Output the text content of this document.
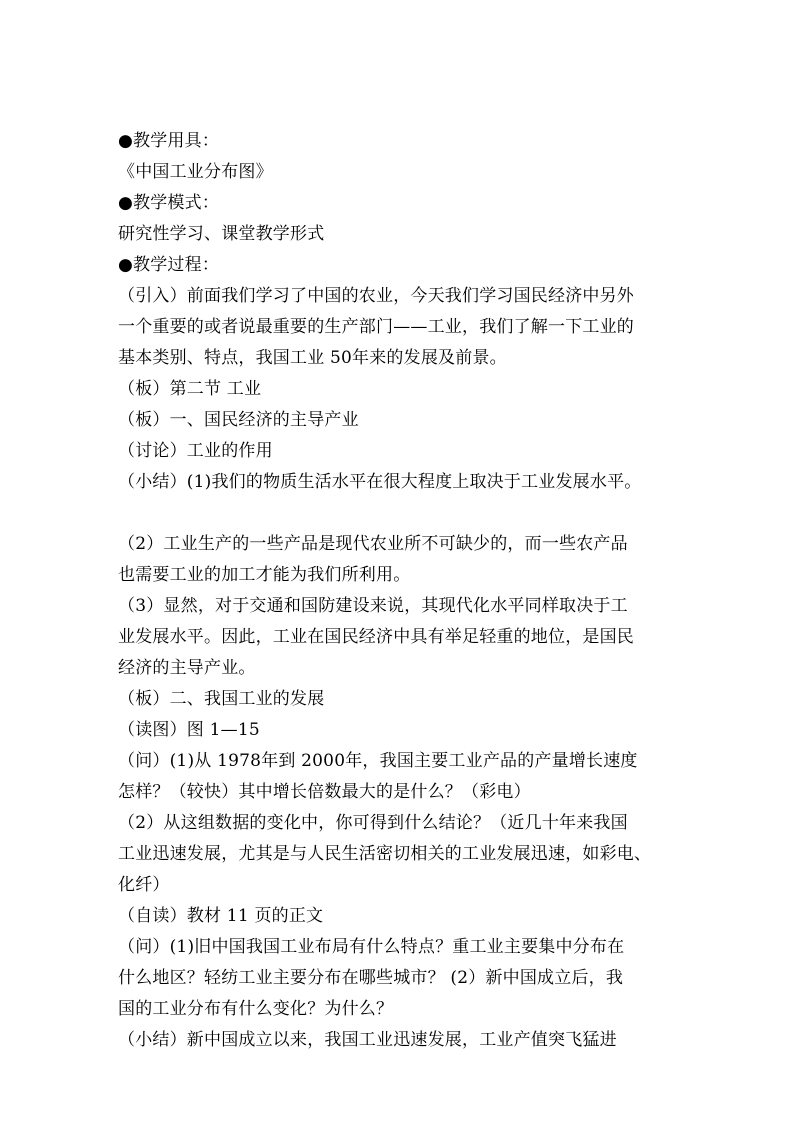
●教学用具：
《中国工业分布图》
●教学模式：
研究性学习、课堂教学形式
●教学过程：
（引入）前面我们学习了中国的农业，今天我们学习国民经济中另外
一个重要的或者说最重要的生产部门——工业，我们了解一下工业的
基本类别、特点，我国工业 50年来的发展及前景。
（板）第二节 工业
（板）一、国民经济的主导产业
（讨论）工业的作用
（小结）(1)我们的物质生活水平在很大程度上取决于工业发展水平。
（2）工业生产的一些产品是现代农业所不可缺少的，而一些农产品
也需要工业的加工才能为我们所利用。
（3）显然，对于交通和国防建设来说，其现代化水平同样取决于工
业发展水平。因此，工业在国民经济中具有举足轻重的地位，是国民
经济的主导产业。
（板）二、我国工业的发展
（读图）图 1—15
（问）(1)从 1978年到 2000年，我国主要工业产品的产量增长速度
怎样？（较快）其中增长倍数最大的是什么？（彩电）
（2）从这组数据的变化中，你可得到什么结论？（近几十年来我国
工业迅速发展，尤其是与人民生活密切相关的工业发展迅速，如彩电、
化纤）
（自读）教材 11 页的正文
（问）(1)旧中国我国工业布局有什么特点？重工业主要集中分布在
什么地区？轻纺工业主要分布在哪些城市？ (2）新中国成立后，我
国的工业分布有什么变化？为什么？
（小结）新中国成立以来，我国工业迅速发展，工业产值突飞猛进
